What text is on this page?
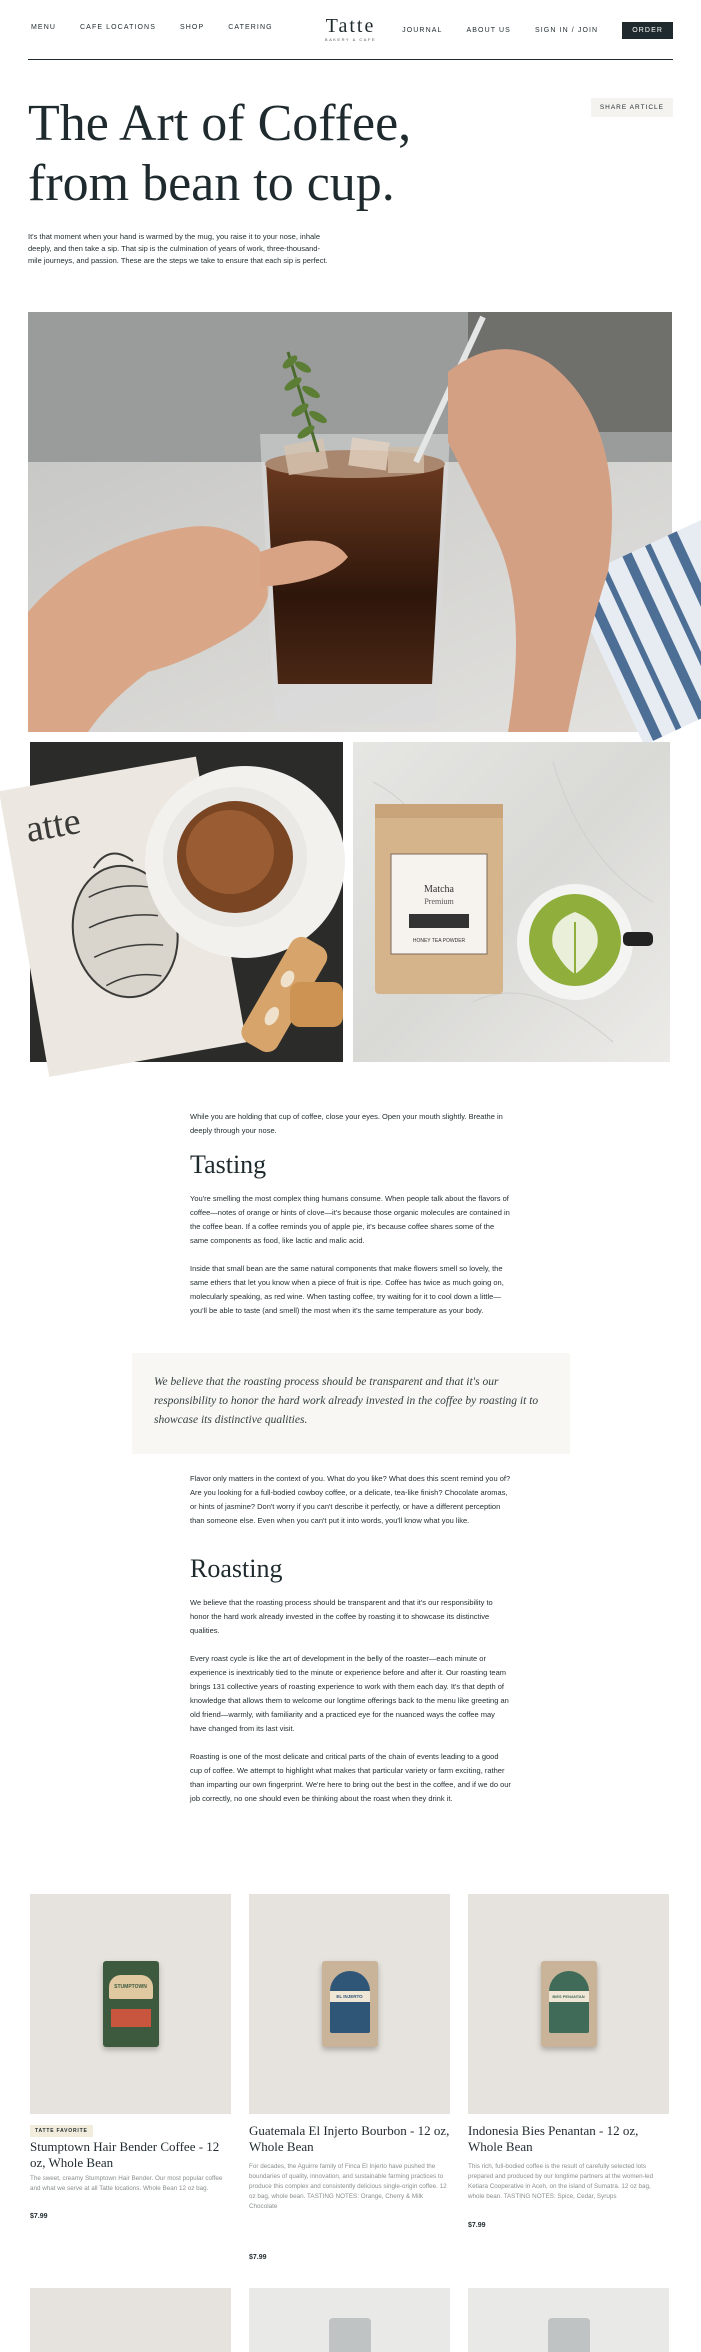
MENU	CAFE LOCATIONS	SHOP	CATERING	Tatte
BAKERY & CAFE
JOURNAL	ABOUT US	SIGN IN / JOIN	ORDER
The Art of Coffee,
from bean to cup.
SHARE ARTICLE

It's that moment when your hand is warmed by the mug, you raise it to your nose, inhale deeply, and then take a sip. That sip is the culmination of years of work, three-thousand-mile journeys, and passion. These are the steps we take to ensure that each sip is perfect.

atte
Matcha
Premium
HONEY TEA POWDER

While you are holding that cup of coffee, close your eyes. Open your mouth slightly. Breathe in deeply through your nose.

Tasting

You're smelling the most complex thing humans consume. When people talk about the flavors of coffee—notes of orange or hints of clove—it's because those organic molecules are contained in the coffee bean. If a coffee reminds you of apple pie, it's because coffee shares some of the same components as food, like lactic and malic acid.

Inside that small bean are the same natural components that make flowers smell so lovely, the same ethers that let you know when a piece of fruit is ripe. Coffee has twice as much going on, molecularly speaking, as red wine. When tasting coffee, try waiting for it to cool down a little—you'll be able to taste (and smell) the most when it's the same temperature as your body.

We believe that the roasting process should be transparent and that it's our responsibility to honor the hard work already invested in the coffee by roasting it to showcase its distinctive qualities.

Flavor only matters in the context of you. What do you like? What does this scent remind you of? Are you looking for a full-bodied cowboy coffee, or a delicate, tea-like finish? Chocolate aromas, or hints of jasmine? Don't worry if you can't describe it perfectly, or have a different perception than someone else. Even when you can't put it into words, you'll know what you like.

Roasting

We believe that the roasting process should be transparent and that it's our responsibility to honor the hard work already invested in the coffee by roasting it to showcase its distinctive qualities.

Every roast cycle is like the art of development in the belly of the roaster—each minute or experience is inextricably tied to the minute or experience before and after it. Our roasting team brings 131 collective years of roasting experience to work with them each day. It's that depth of knowledge that allows them to welcome our longtime offerings back to the menu like greeting an old friend—warmly, with familiarity and a practiced eye for the nuanced ways the coffee may have changed from its last visit.

Roasting is one of the most delicate and critical parts of the chain of events leading to a good cup of coffee. We attempt to highlight what makes that particular variety or farm exciting, rather than imparting our own fingerprint. We're here to bring out the best in the coffee, and if we do our job correctly, no one should even be thinking about the roast when they drink it.

STUMPTOWN
EL INJERTO	BIES PENANTAN
TATTE FAVORITE
Stumptown Hair Bender Coffee - 12 oz, Whole Bean
The sweet, creamy Stumptown Hair Bender. Our most popular coffee and what we serve at all Tatte locations. Whole Bean 12 oz bag.
$7.99
Guatemala El Injerto Bourbon - 12 oz, Whole Bean
For decades, the Aguirre family of Finca El Injerto have pushed the boundaries of quality, innovation, and sustainable farming practices to produce this complex and consistently delicious single-origin coffee. 12 oz bag, whole bean. TASTING NOTES: Orange, Cherry & Milk Chocolate
$7.99
Indonesia Bies Penantan - 12 oz, Whole Bean
This rich, full-bodied coffee is the result of carefully selected lots prepared and produced by our longtime partners at the women-led Ketiara Cooperative in Aceh, on the island of Sumatra. 12 oz bag, whole bean. TASTING NOTES: Spice, Cedar, Syrups
$7.99
